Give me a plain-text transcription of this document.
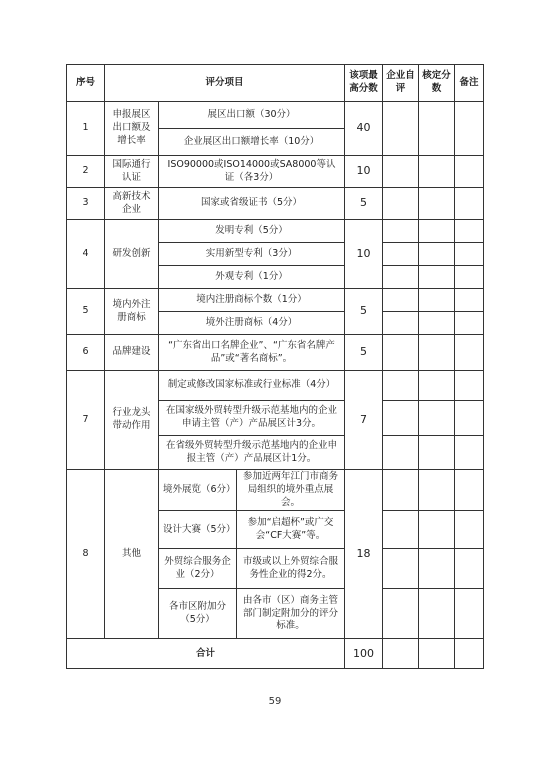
序号	评分项目			该项最高分数	企业自评	核定分数	备注
1	申报展区出口额及增长率	展区出口额（30分）		40			
		企业展区出口额增长率（10分）					
2	国际通行认证	ISO90000或ISO14000或SA8000等认证（各3分）		10			
3	高新技术企业	国家或省级证书（5分）		5			
4	研发创新	发明专利（5分）		10			
		实用新型专利（3分）					
		外观专利（1分）					
5	境内外注册商标	境内注册商标个数（1分）		5			
		境外注册商标（4分）					
6	品牌建设	“广东省出口名牌企业”、“广东省名牌产品”或“著名商标”。		5			
7	行业龙头带动作用	制定或修改国家标准或行业标准（4分）		7			
		在国家级外贸转型升级示范基地内的企业申请主管（产）产品展区计3分。					
		在省级外贸转型升级示范基地内的企业申报主管（产）产品展区计1分。					
8	其他	境外展览（6分）	参加近两年江门市商务局组织的境外重点展会。	18			
		设计大赛（5分）	参加“启超杯”或广交会“CF大赛”等。				
		外贸综合服务企业（2分）	市级或以上外贸综合服务性企业的得2分。				
		各市区附加分（5分）	由各市（区）商务主管部门制定附加分的评分标准。				
合计				100			
59
